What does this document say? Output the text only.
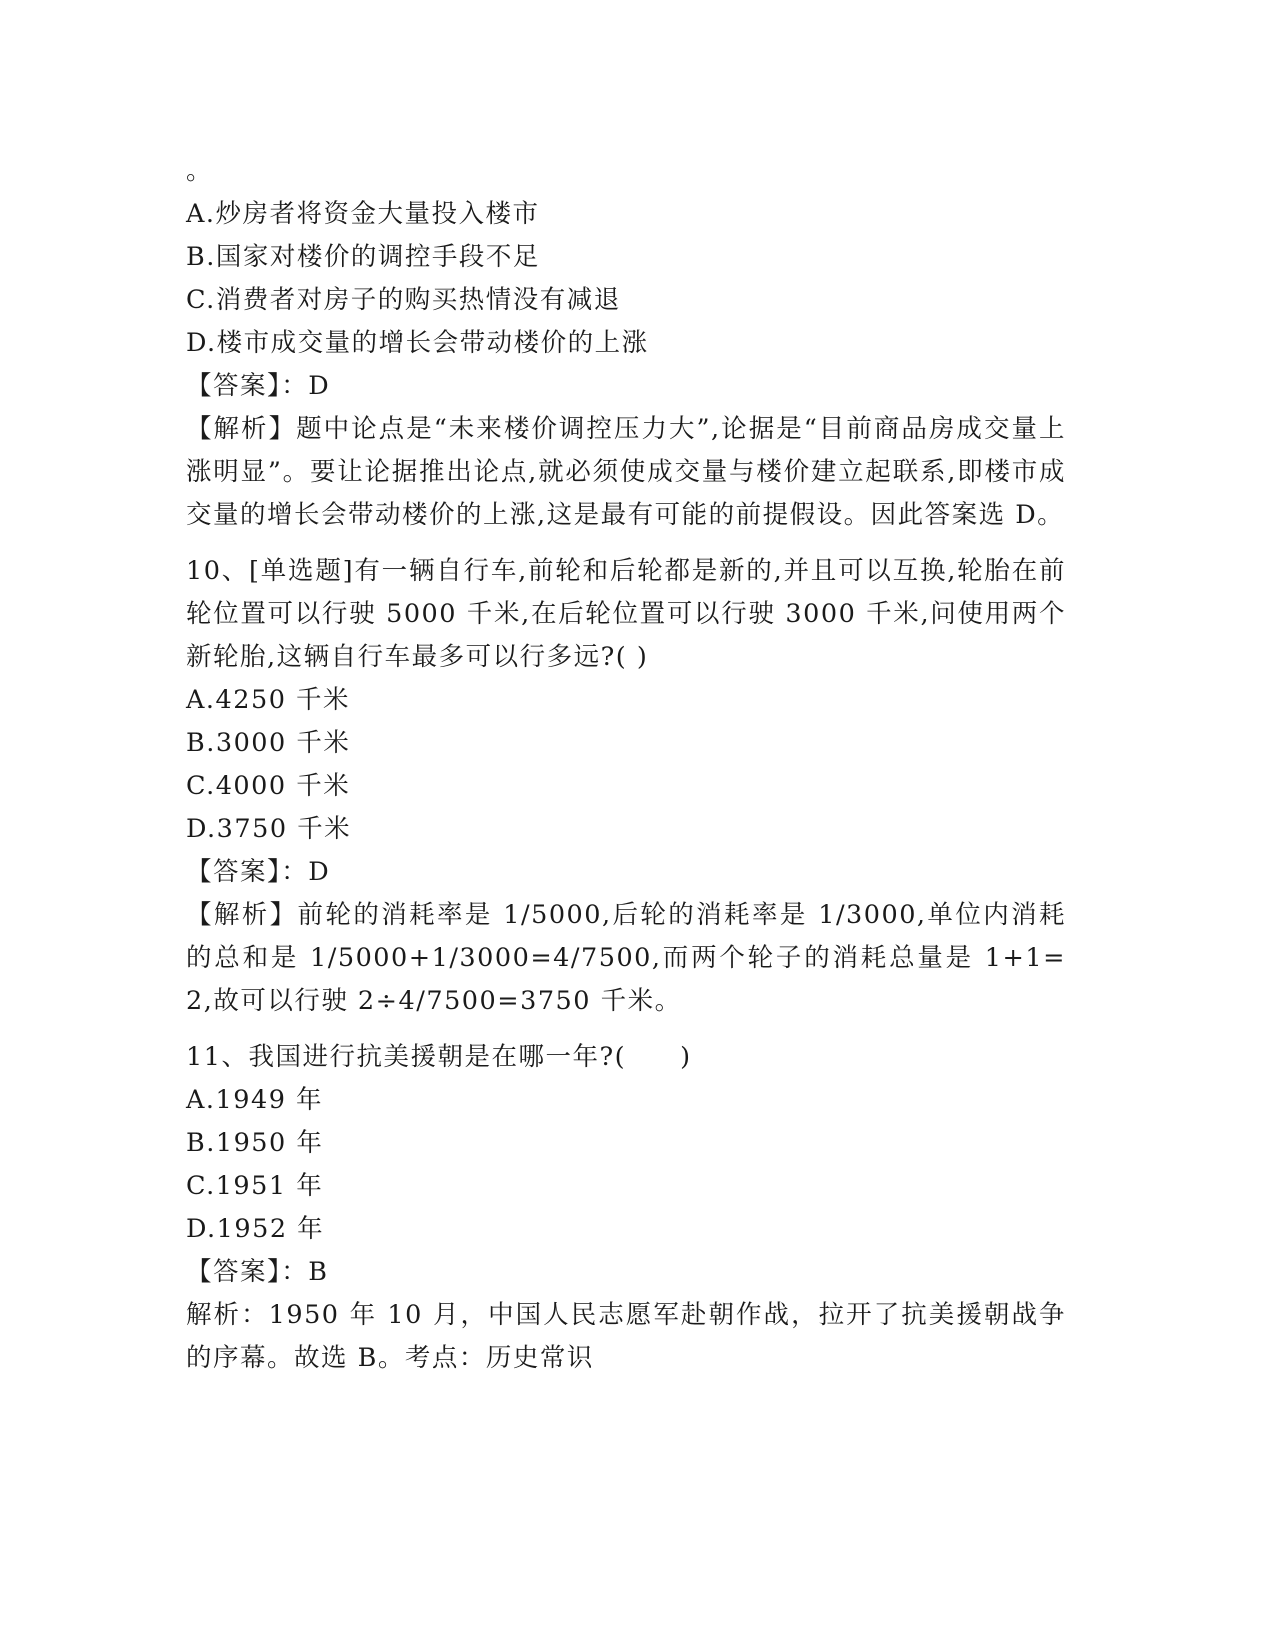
。
A.炒房者将资金大量投入楼市
B.国家对楼价的调控手段不足
C.消费者对房子的购买热情没有减退
D.楼市成交量的增长会带动楼价的上涨
【答案】：D
【解析】题中论点是“未来楼价调控压力大”,论据是“目前商品房成交量上涨明显”。要让论据推出论点,就必须使成交量与楼价建立起联系,即楼市成交量的增长会带动楼价的上涨,这是最有可能的前提假设。因此答案选 D。
10、[单选题]有一辆自行车,前轮和后轮都是新的,并且可以互换,轮胎在前轮位置可以行驶 5000 千米,在后轮位置可以行驶 3000 千米,问使用两个新轮胎,这辆自行车最多可以行多远?( )
A.4250 千米
B.3000 千米
C.4000 千米
D.3750 千米
【答案】：D
【解析】前轮的消耗率是 1/5000,后轮的消耗率是 1/3000,单位内消耗的总和是 1/5000+1/3000=4/7500,而两个轮子的消耗总量是 1+1=2,故可以行驶 2÷4/7500=3750 千米。
11、我国进行抗美援朝是在哪一年?(　　)
A.1949 年
B.1950 年
C.1951 年
D.1952 年
【答案】：B
解析：1950 年 10 月，中国人民志愿军赴朝作战，拉开了抗美援朝战争的序幕。故选 B。考点：历史常识
